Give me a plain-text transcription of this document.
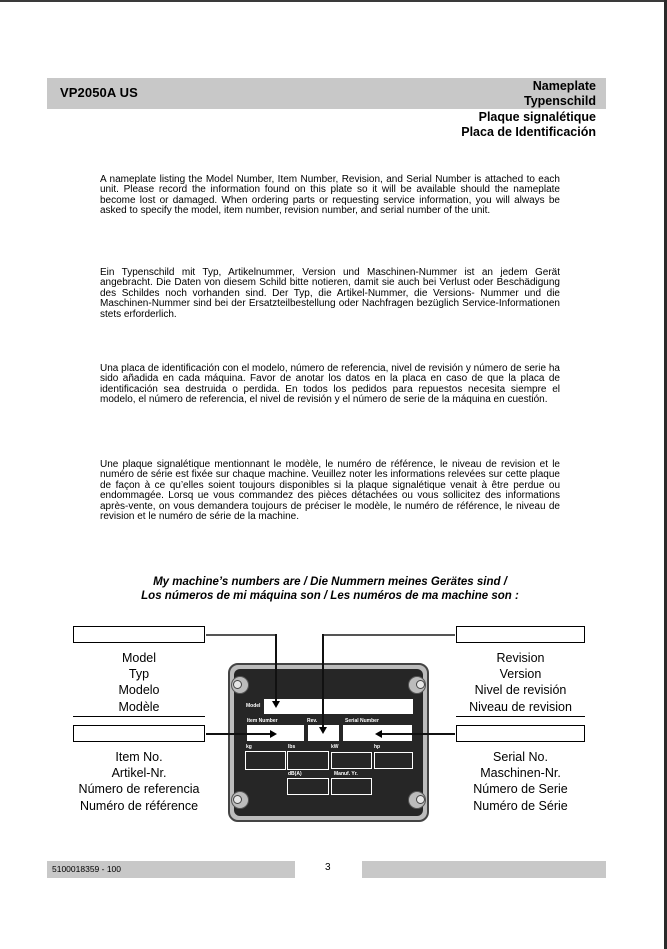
VP2050A US	Nameplate
Typenschild
Plaque signalétique
Placa de Identificación

A nameplate listing the Model Number, Item Number, Revision, and Serial Number is attached to each unit. Please record the information found on this plate so it will be available should the nameplate become lost or damaged. When ordering parts or requesting service information, you will always be asked to specify the model, item number, revision number, and serial number of the unit.

Ein Typenschild mit Typ, Artikelnummer, Version und Maschinen-Nummer ist an jedem Gerät angebracht. Die Daten von diesem Schild bitte notieren, damit sie auch bei Verlust oder Beschädigung des Schildes noch vorhanden sind. Der Typ, die Artikel-Nummer, die Versions- Nummer und die Maschinen-Nummer sind bei der Ersatzteilbestellung oder Nachfragen bezüglich Service-Informationen stets erforderlich.

Una placa de identificación con el modelo, número de referencia, nivel de revisión y número de serie ha sido añadida en cada máquina. Favor de anotar los datos en la placa en caso de que la placa de identificación sea destruida o perdida. En todos los pedidos para repuestos necesita siempre el modelo, el número de referencia, el nivel de revisión y el número de serie de la máquina en cuestión.

Une plaque signalétique mentionnant le modèle, le numéro de référence, le niveau de revision et le numéro de série est fixée sur chaque machine. Veuillez noter les informations relevées sur cette plaque de façon à ce qu’elles soient toujours disponibles si la plaque signalétique venait à être perdue ou endommagée. Lorsq ue vous commandez des pièces détachées ou vous sollicitez des informations après-vente, on vous demandera toujours de préciser le modèle, le numéro de référence, le niveau de revision et le numéro de série de la machine.

My machine’s numbers are / Die Nummern meines Gerätes sind /
Los números de mi máquina son / Les numéros de ma machine son :
Model
Typ
Modelo
Modèle
Item No.
Artikel-Nr.
Número de referencia
Numéro de référence
Revision
Version
Nivel de revisión
Niveau de revision
Serial No.
Maschinen-Nr.
Número de Serie
Numéro de Série
Model
Item Number	Rev.	Serial Number
kg	lbs	kW	hp
dB(A)	Manuf. Yr.
5100018359 - 100	3
